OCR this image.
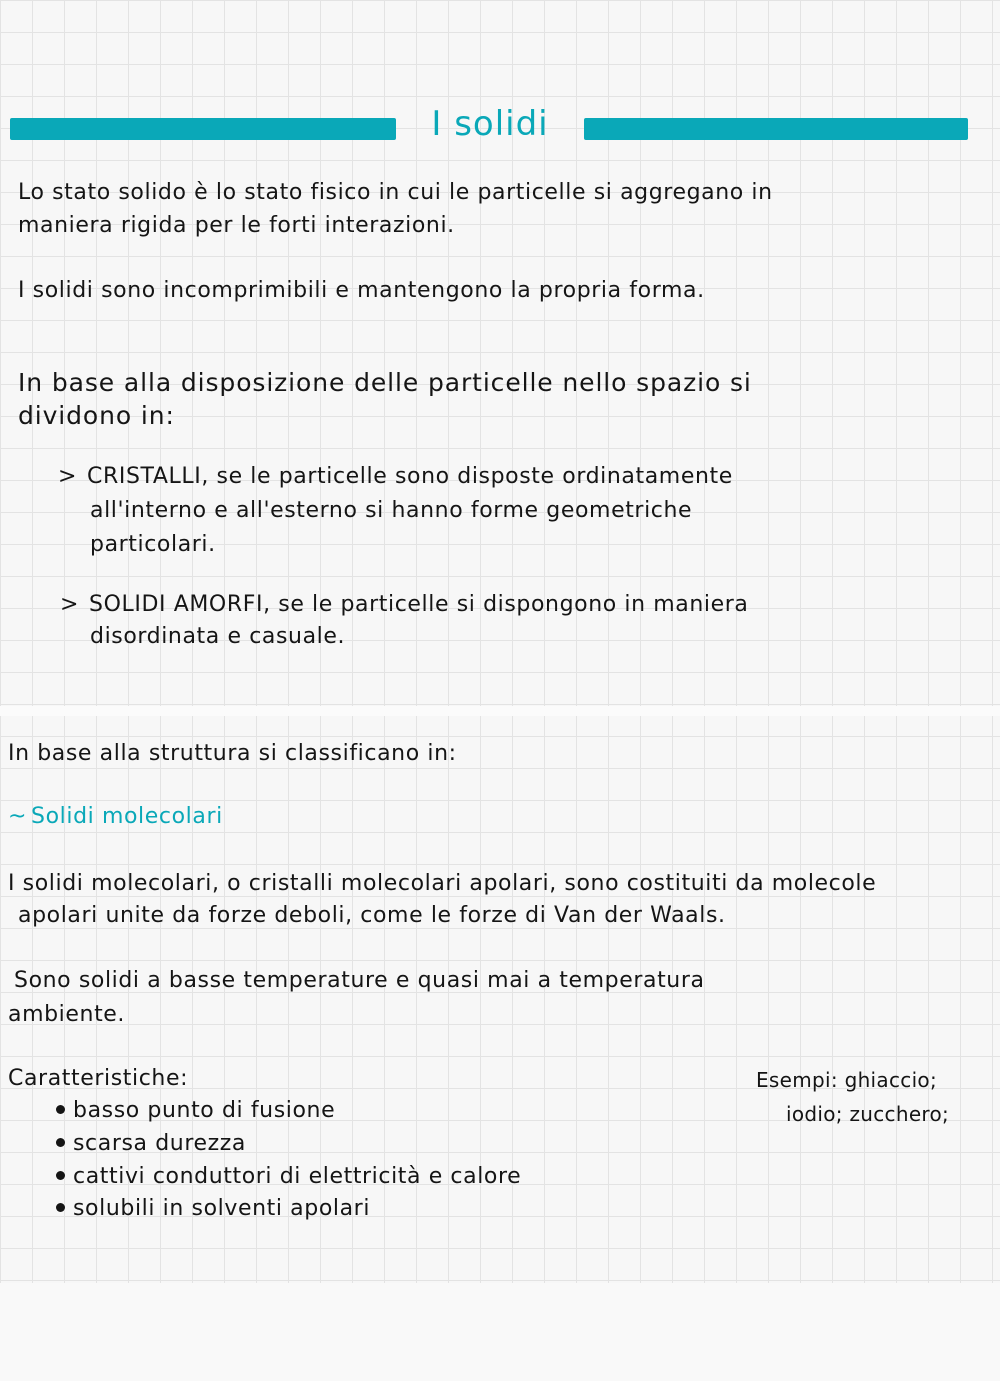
I solidi
Lo stato solido è lo stato fisico in cui le particelle si aggregano in
maniera rigida per le forti interazioni.
I solidi sono incomprimibili e mantengono la propria forma.
In base alla disposizione delle particelle nello spazio si
dividono in:
> CRISTALLI, se le particelle sono disposte ordinatamente
all'interno e all'esterno si hanno forme geometriche
particolari.
> SOLIDI AMORFI, se le particelle si dispongono in maniera
disordinata e casuale.
In base alla struttura si classificano in:
~ Solidi molecolari
I solidi molecolari, o cristalli molecolari apolari, sono costituiti da molecole
apolari unite da forze deboli, come le forze di Van der Waals.
Sono solidi a basse temperature e quasi mai a temperatura
ambiente.
Caratteristiche:
basso punto di fusione
scarsa durezza
cattivi conduttori di elettricità e calore
solubili in solventi apolari
Esempi: ghiaccio;
iodio; zucchero;
